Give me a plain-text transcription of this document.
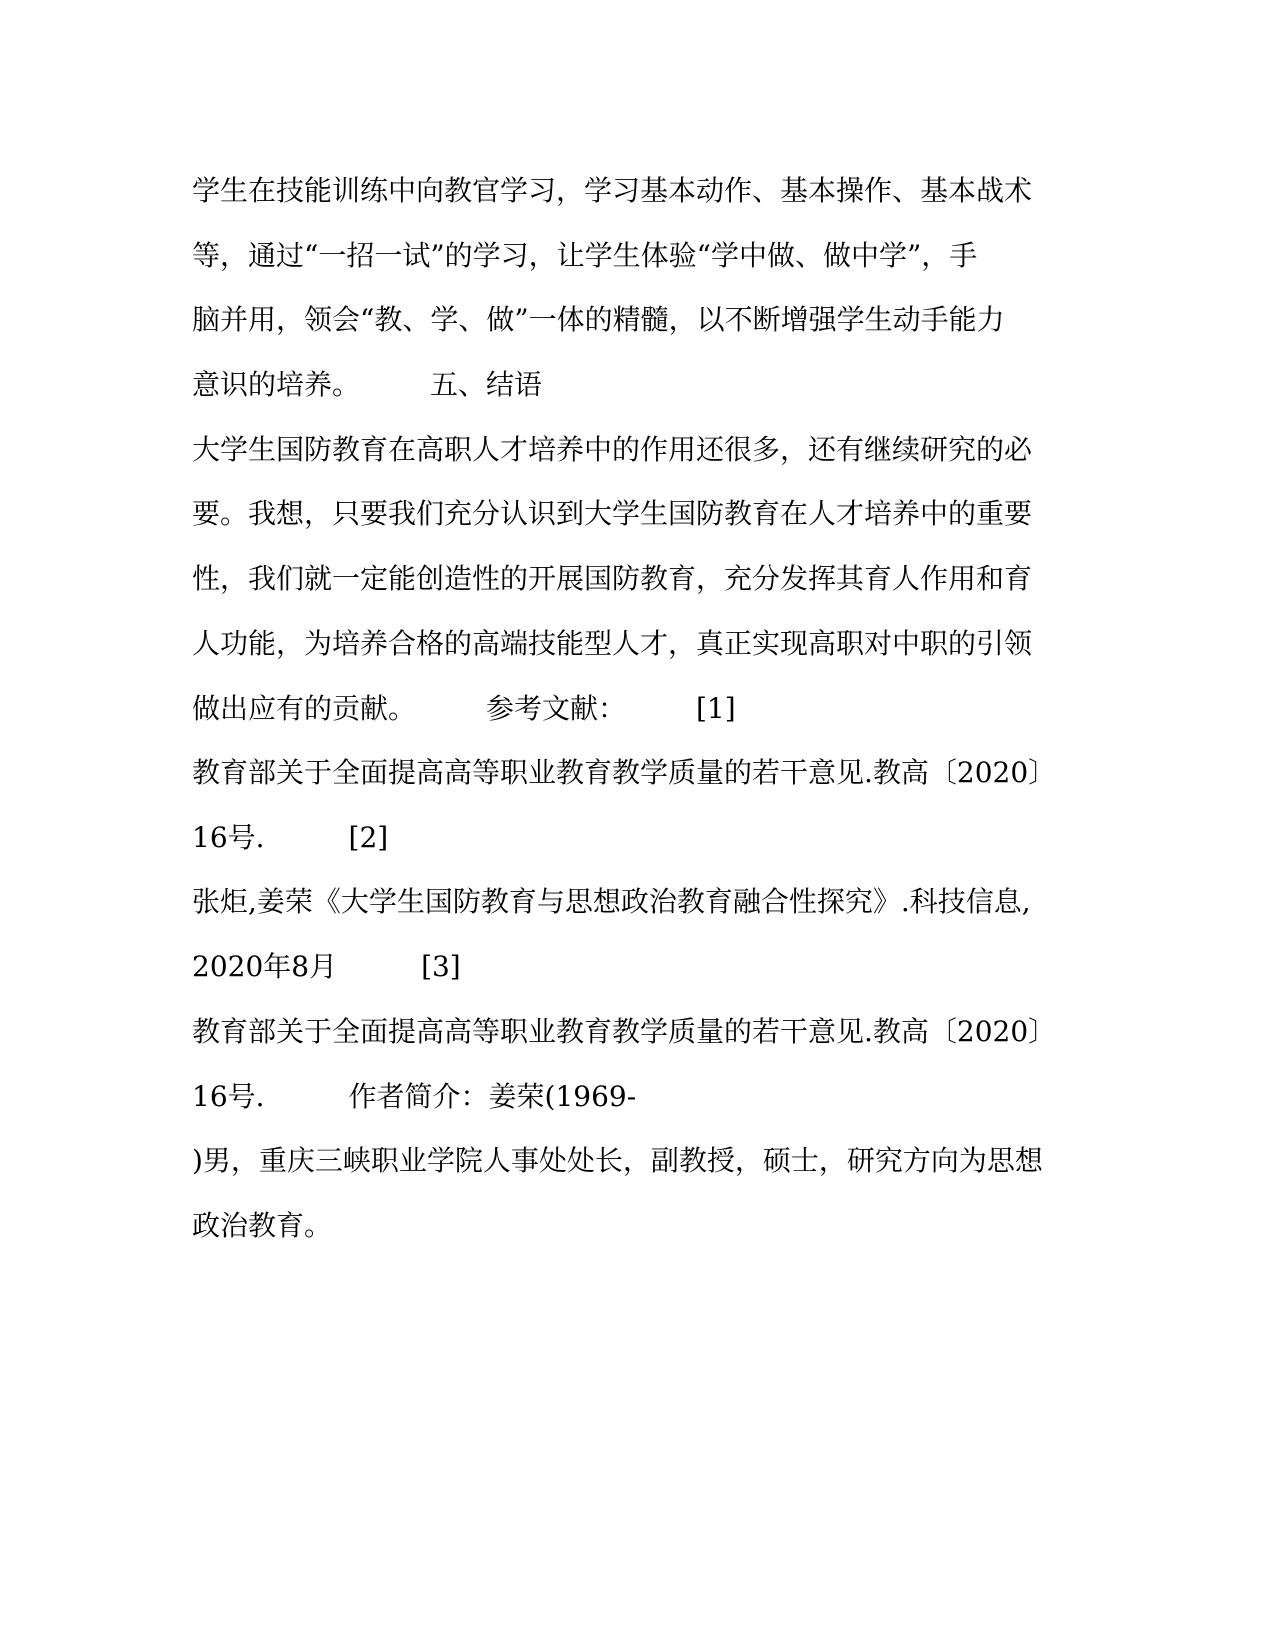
学生在技能训练中向教官学习，学习基本动作、基本操作、基本战术
等，通过“一招一试”的学习，让学生体验“学中做、做中学”，手
脑并用，领会“教、学、做”一体的精髓，以不断增强学生动手能力
意识的培养。　　　五、结语
大学生国防教育在高职人才培养中的作用还很多，还有继续研究的必
要。我想，只要我们充分认识到大学生国防教育在人才培养中的重要
性，我们就一定能创造性的开展国防教育，充分发挥其育人作用和育
人功能，为培养合格的高端技能型人才，真正实现高职对中职的引领
做出应有的贡献。　　　参考文献：　　　[1]
教育部关于全面提高高等职业教育教学质量的若干意见.教高〔2020〕
16号.　　　[2]
张炬,姜荣《大学生国防教育与思想政治教育融合性探究》.科技信息,
2020年8月　　　[3]
教育部关于全面提高高等职业教育教学质量的若干意见.教高〔2020〕
16号.　　　作者简介：姜荣(1969-
)男，重庆三峡职业学院人事处处长，副教授，硕士，研究方向为思想
政治教育。
